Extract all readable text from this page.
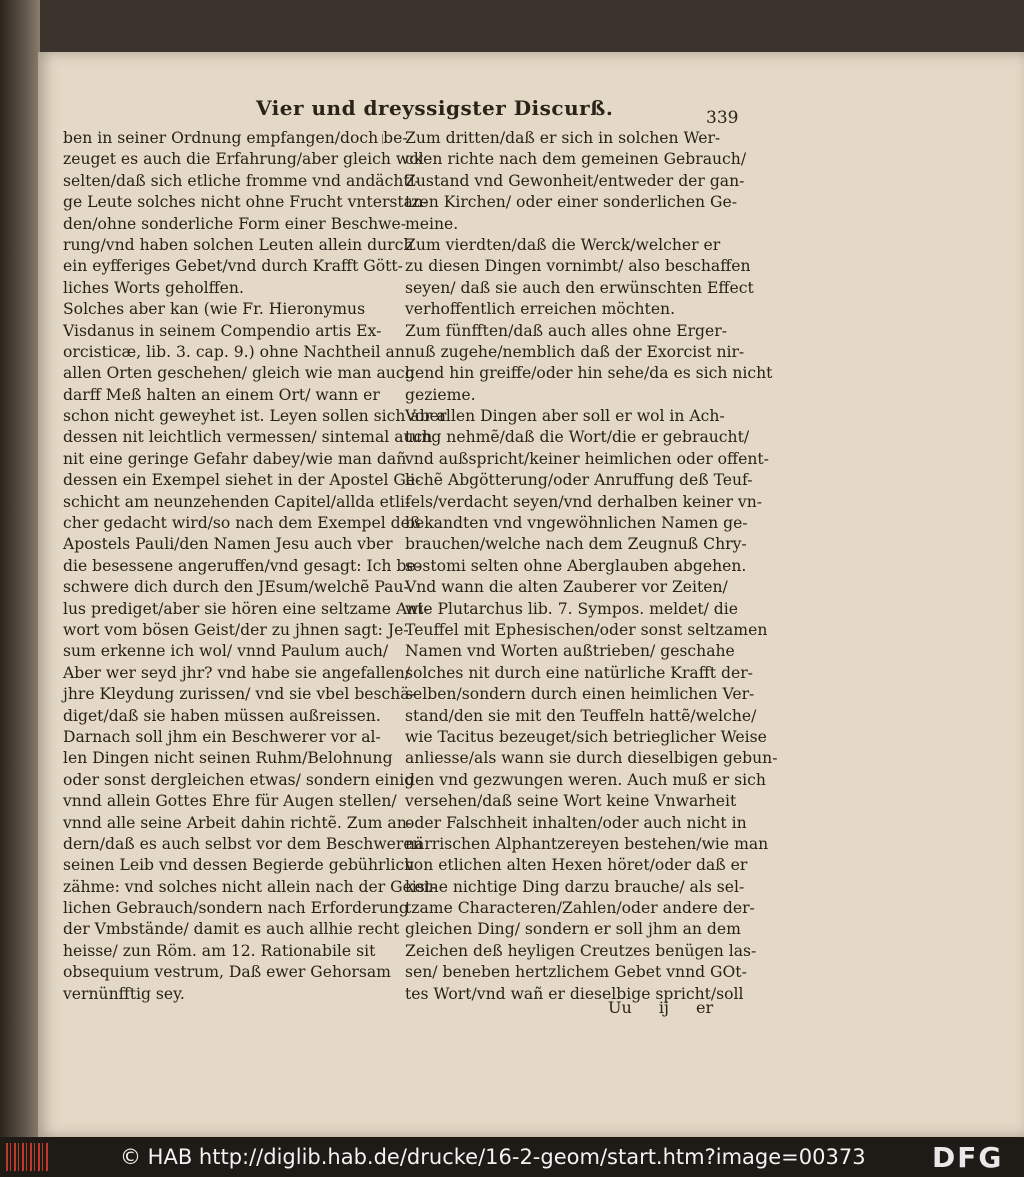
Vier und dreyssigster Discurß.	339
ben in seiner Ordnung empfangen/doch be-
zeuget es auch die Erfahrung/aber gleich wol
selten/daß sich etliche fromme vnd andächti-
ge Leute solches nicht ohne Frucht vnterstan-
den/ohne sonderliche Form einer Beschwe-
rung/vnd haben solchen Leuten allein durch
ein eyfferiges Gebet/vnd durch Krafft Gött-
liches Worts geholffen.
Solches aber kan (wie Fr. Hieronymus
Visdanus in seinem Compendio artis Ex-
orcisticæ, lib. 3. cap. 9.) ohne Nachtheil an
allen Orten geschehen/ gleich wie man auch
darff Meß halten an einem Ort/ wann er
schon nicht geweyhet ist. Leyen sollen sich aber
dessen nit leichtlich vermessen/ sintemal auch
nit eine geringe Gefahr dabey/wie man dañ
dessen ein Exempel siehet in der Apostel Ge-
schicht am neunzehenden Capitel/allda etli-
cher gedacht wird/so nach dem Exempel deß
Apostels Pauli/den Namen Jesu auch vber
die besessene angeruffen/vnd gesagt: Ich be-
schwere dich durch den JEsum/welchẽ Pau-
lus prediget/aber sie hören eine seltzame Ant-
wort vom bösen Geist/der zu jhnen sagt: Je-
sum erkenne ich wol/ vnnd Paulum auch/
Aber wer seyd jhr? vnd habe sie angefallen/
jhre Kleydung zurissen/ vnd sie vbel beschä-
diget/daß sie haben müssen außreissen.
Darnach soll jhm ein Beschwerer vor al-
len Dingen nicht seinen Ruhm/Belohnung
oder sonst dergleichen etwas/ sondern einig
vnnd allein Gottes Ehre für Augen stellen/
vnnd alle seine Arbeit dahin richtẽ. Zum an-
dern/daß es auch selbst vor dem Beschweren
seinen Leib vnd dessen Begierde gebührlich
zähme: vnd solches nicht allein nach der Geist-
lichen Gebrauch/sondern nach Erforderung
der Vmbstände/ damit es auch allhie recht
heisse/ zun Röm. am 12. Rationabile sit
obsequium vestrum, Daß ewer Gehorsam
vernünfftig sey.
Zum dritten/daß er sich in solchen Wer-
cken richte nach dem gemeinen Gebrauch/
Zustand vnd Gewonheit/entweder der gan-
tzen Kirchen/ oder einer sonderlichen Ge-
meine.
Zum vierdten/daß die Werck/welcher er
zu diesen Dingen vornimbt/ also beschaffen
seyen/ daß sie auch den erwünschten Effect
verhoffentlich erreichen möchten.
Zum fünfften/daß auch alles ohne Erger-
nuß zugehe/nemblich daß der Exorcist nir-
gend hin greiffe/oder hin sehe/da es sich nicht
gezieme.
Vor allen Dingen aber soll er wol in Ach-
tung nehmẽ/daß die Wort/die er gebraucht/
vnd außspricht/keiner heimlichen oder offent-
lichẽ Abgötterung/oder Anruffung deß Teuf-
fels/verdacht seyen/vnd derhalben keiner vn-
bekandten vnd vngewöhnlichen Namen ge-
brauchen/welche nach dem Zeugnuß Chry-
sostomi selten ohne Aberglauben abgehen.
Vnd wann die alten Zauberer vor Zeiten/
wie Plutarchus lib. 7. Sympos. meldet/ die
Teuffel mit Ephesischen/oder sonst seltzamen
Namen vnd Worten außtrieben/ geschahe
solches nit durch eine natürliche Krafft der-
selben/sondern durch einen heimlichen Ver-
stand/den sie mit den Teuffeln hattẽ/welche/
wie Tacitus bezeuget/sich betrieglicher Weise
anliesse/als wann sie durch dieselbigen gebun-
den vnd gezwungen weren. Auch muß er sich
versehen/daß seine Wort keine Vnwarheit
oder Falschheit inhalten/oder auch nicht in
närrischen Alphantzereyen bestehen/wie man
von etlichen alten Hexen höret/oder daß er
keine nichtige Ding darzu brauche/ als sel-
tzame Characteren/Zahlen/oder andere der-
gleichen Ding/ sondern er soll jhm an dem
Zeichen deß heyligen Creutzes benügen las-
sen/ beneben hertzlichem Gebet vnnd GOt-
tes Wort/vnd wañ er dieselbige spricht/soll
Uu ij er
© HAB http://diglib.hab.de/drucke/16-2-geom/start.htm?image=00373 DFG
